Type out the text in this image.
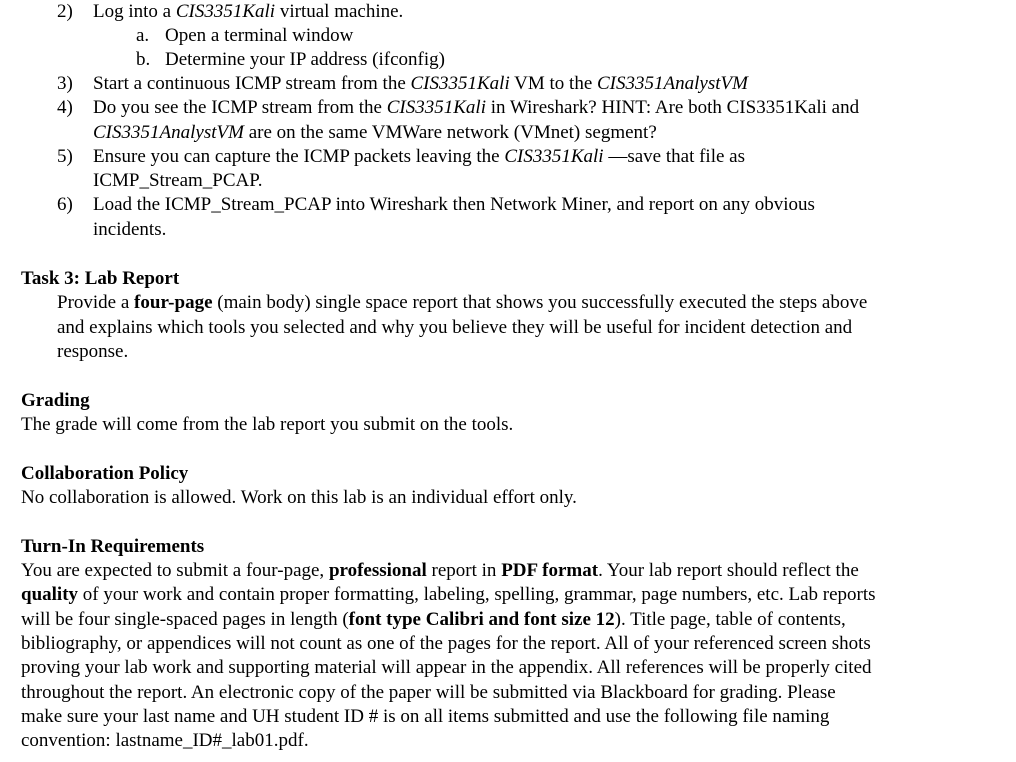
2) Log into a CIS3351Kali virtual machine.
a. Open a terminal window
b. Determine your IP address (ifconfig)
3) Start a continuous ICMP stream from the CIS3351Kali VM to the CIS3351AnalystVM
4) Do you see the ICMP stream from the CIS3351Kali in Wireshark? HINT: Are both CIS3351Kali and
CIS3351AnalystVM are on the same VMWare network (VMnet) segment?
5) Ensure you can capture the ICMP packets leaving the CIS3351Kali —save that file as
ICMP_Stream_PCAP.
6) Load the ICMP_Stream_PCAP into Wireshark then Network Miner, and report on any obvious
incidents.
Task 3: Lab Report
Provide a four-page (main body) single space report that shows you successfully executed the steps above
and explains which tools you selected and why you believe they will be useful for incident detection and
response.
Grading
The grade will come from the lab report you submit on the tools.
Collaboration Policy
No collaboration is allowed. Work on this lab is an individual effort only.
Turn-In Requirements
You are expected to submit a four-page, professional report in PDF format. Your lab report should reflect the
quality of your work and contain proper formatting, labeling, spelling, grammar, page numbers, etc. Lab reports
will be four single-spaced pages in length (font type Calibri and font size 12). Title page, table of contents,
bibliography, or appendices will not count as one of the pages for the report. All of your referenced screen shots
proving your lab work and supporting material will appear in the appendix. All references will be properly cited
throughout the report. An electronic copy of the paper will be submitted via Blackboard for grading. Please
make sure your last name and UH student ID # is on all items submitted and use the following file naming
convention: lastname_ID#_lab01.pdf.
